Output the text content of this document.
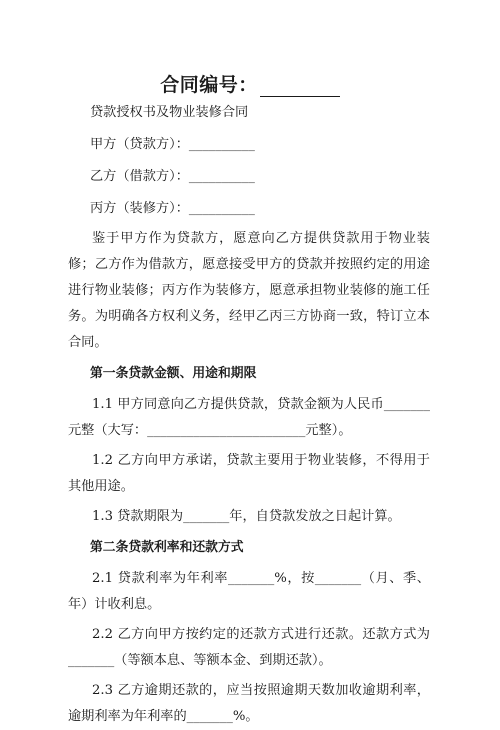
合同编号：
贷款授权书及物业装修合同
甲方（贷款方）：__________
乙方（借款方）：__________
丙方（装修方）：__________

鉴于甲方作为贷款方，愿意向乙方提供贷款用于物业装修；乙方作为借款方，愿意接受甲方的贷款并按照约定的用途进行物业装修；丙方作为装修方，愿意承担物业装修的施工任务。为明确各方权利义务，经甲乙丙三方协商一致，特订立本合同。

第一条贷款金额、用途和期限

1.1 甲方同意向乙方提供贷款，贷款金额为人民币_______元整（大写：________________________元整）。

1.2 乙方向甲方承诺，贷款主要用于物业装修，不得用于其他用途。

1.3 贷款期限为_______年，自贷款发放之日起计算。

第二条贷款利率和还款方式

2.1 贷款利率为年利率_______%，按_______（月、季、年）计收利息。

2.2 乙方向甲方按约定的还款方式进行还款。还款方式为_______（等额本息、等额本金、到期还款）。

2.3 乙方逾期还款的，应当按照逾期天数加收逾期利率，逾期利率为年利率的_______%。
